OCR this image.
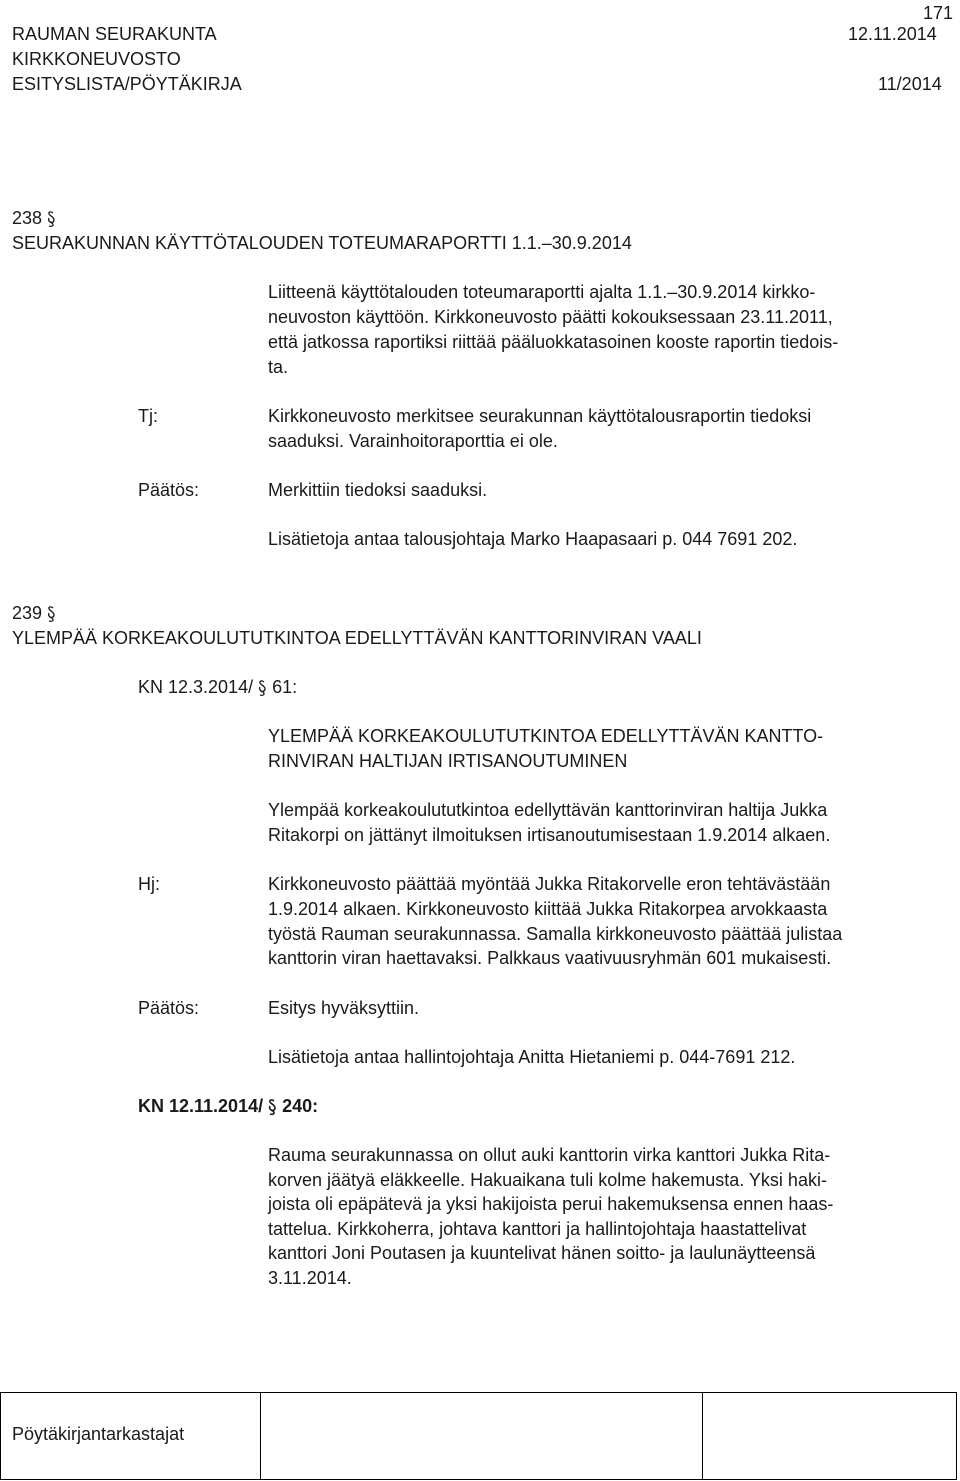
171
RAUMAN SEURAKUNTA	12.11.2014
KIRKKONEUVOSTO
ESITYSLISTA/PÖYTÄKIRJA	11/2014
238
SEURAKUNNAN KÄYTTÖTALOUDEN TOTEUMARAPORTTI 1.1.–30.9.2014
Liitteenä käyttötalouden toteumaraportti ajalta 1.1.–30.9.2014 kirkko-
neuvoston käyttöön. Kirkkoneuvosto päätti kokouksessaan 23.11.2011,
että jatkossa raportiksi riittää pääluokkatasoinen kooste raportin tiedois-
ta.
Tj:	Kirkkoneuvosto merkitsee seurakunnan käyttötalousraportin tiedoksi
saaduksi. Varainhoitoraporttia ei ole.
Päätös:	Merkittiin tiedoksi saaduksi.
Lisätietoja antaa talousjohtaja Marko Haapasaari p. 044 7691 202.
239
YLEMPÄÄ KORKEAKOULUTUTKINTOA EDELLYTTÄVÄN KANTTORINVIRAN VAALI
KN 12.3.2014/ 61:
YLEMPÄÄ KORKEAKOULUTUTKINTOA EDELLYTTÄVÄN KANTTO-
RINVIRAN HALTIJAN IRTISANOUTUMINEN
Ylempää korkeakoulututkintoa edellyttävän kanttorinviran haltija Jukka
Ritakorpi on jättänyt ilmoituksen irtisanoutumisestaan 1.9.2014 alkaen.
Hj:	Kirkkoneuvosto päättää myöntää Jukka Ritakorvelle eron tehtävästään
1.9.2014 alkaen. Kirkkoneuvosto kiittää Jukka Ritakorpea arvokkaasta
työstä Rauman seurakunnassa. Samalla kirkkoneuvosto päättää julistaa
kanttorin viran haettavaksi. Palkkaus vaativuusryhmän 601 mukaisesti.
Päätös:	Esitys hyväksyttiin.
Lisätietoja antaa hallintojohtaja Anitta Hietaniemi p. 044-7691 212.
KN 12.11.2014/ 240:
Rauma seurakunnassa on ollut auki kanttorin virka kanttori Jukka Rita-
korven jäätyä eläkkeelle. Hakuaikana tuli kolme hakemusta. Yksi haki-
joista oli epäpätevä ja yksi hakijoista perui hakemuksensa ennen haas-
tattelua. Kirkkoherra, johtava kanttori ja hallintojohtaja haastattelivat
kanttori Joni Poutasen ja kuuntelivat hänen soitto- ja laulunäytteensä
3.11.2014.
Pöytäkirjantarkastajat
